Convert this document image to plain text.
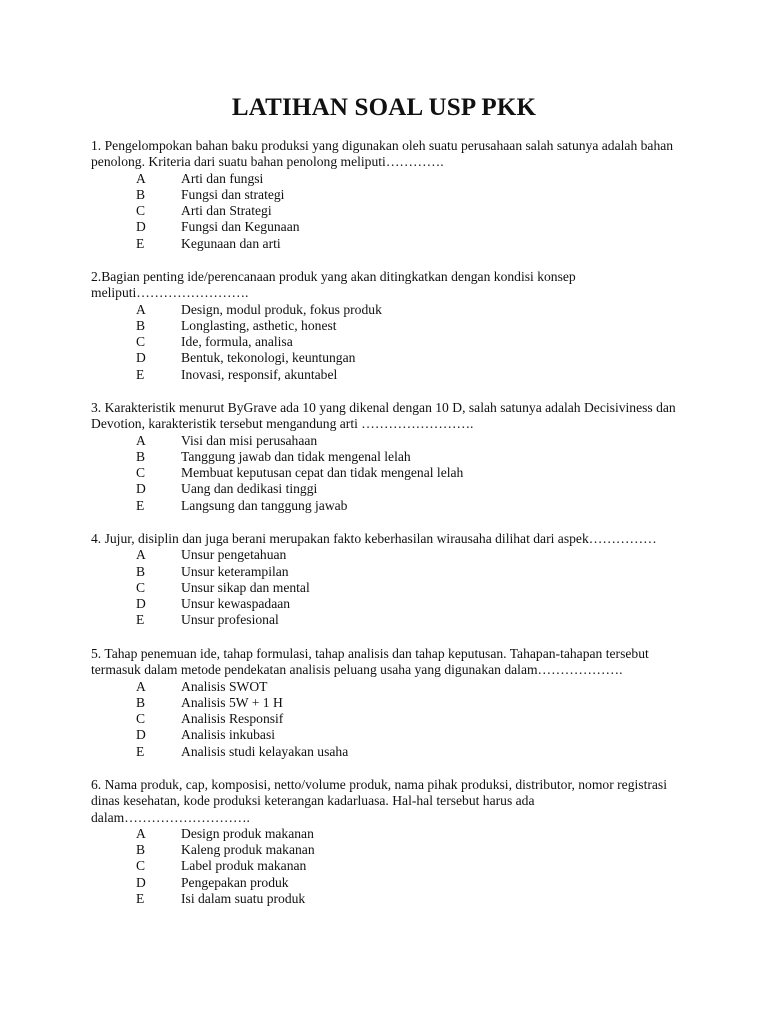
LATIHAN SOAL USP PKK

1. Pengelompokan bahan baku produksi yang digunakan oleh suatu perusahaan salah satunya adalah bahan penolong. Kriteria dari suatu bahan penolong meliputi………….

A	Arti dan fungsi
B	Fungsi dan strategi
C	Arti dan Strategi
D	Fungsi dan Kegunaan
E	Kegunaan dan arti

2.Bagian penting ide/perencanaan produk yang akan ditingkatkan dengan kondisi konsep meliputi…………………….

A	Design, modul produk, fokus produk
B	Longlasting, asthetic, honest
C	Ide, formula, analisa
D	Bentuk, tekonologi, keuntungan
E	Inovasi, responsif, akuntabel

3. Karakteristik menurut ByGrave ada 10 yang dikenal dengan 10 D, salah satunya adalah Decisiviness dan Devotion, karakteristik tersebut mengandung arti …………………….

A	Visi dan misi perusahaan
B	Tanggung jawab dan tidak mengenal lelah
C	Membuat keputusan cepat dan tidak mengenal lelah
D	Uang dan dedikasi tinggi
E	Langsung dan tanggung jawab

4. Jujur, disiplin dan juga berani merupakan fakto keberhasilan wirausaha dilihat dari aspek……………

A	Unsur pengetahuan
B	Unsur keterampilan
C	Unsur sikap dan mental
D	Unsur kewaspadaan
E	Unsur profesional

5. Tahap penemuan ide, tahap formulasi, tahap analisis dan tahap keputusan. Tahapan-tahapan tersebut termasuk dalam metode pendekatan analisis peluang usaha yang digunakan dalam……………….

A	Analisis SWOT
B	Analisis 5W + 1 H
C	Analisis Responsif
D	Analisis inkubasi
E	Analisis studi kelayakan usaha

6. Nama produk, cap, komposisi, netto/volume produk, nama pihak produksi, distributor, nomor registrasi dinas kesehatan, kode produksi keterangan kadarluasa. Hal-hal tersebut harus ada dalam……………………….

A	Design produk makanan
B	Kaleng produk makanan
C	Label produk makanan
D	Pengepakan produk
E	Isi dalam suatu produk
